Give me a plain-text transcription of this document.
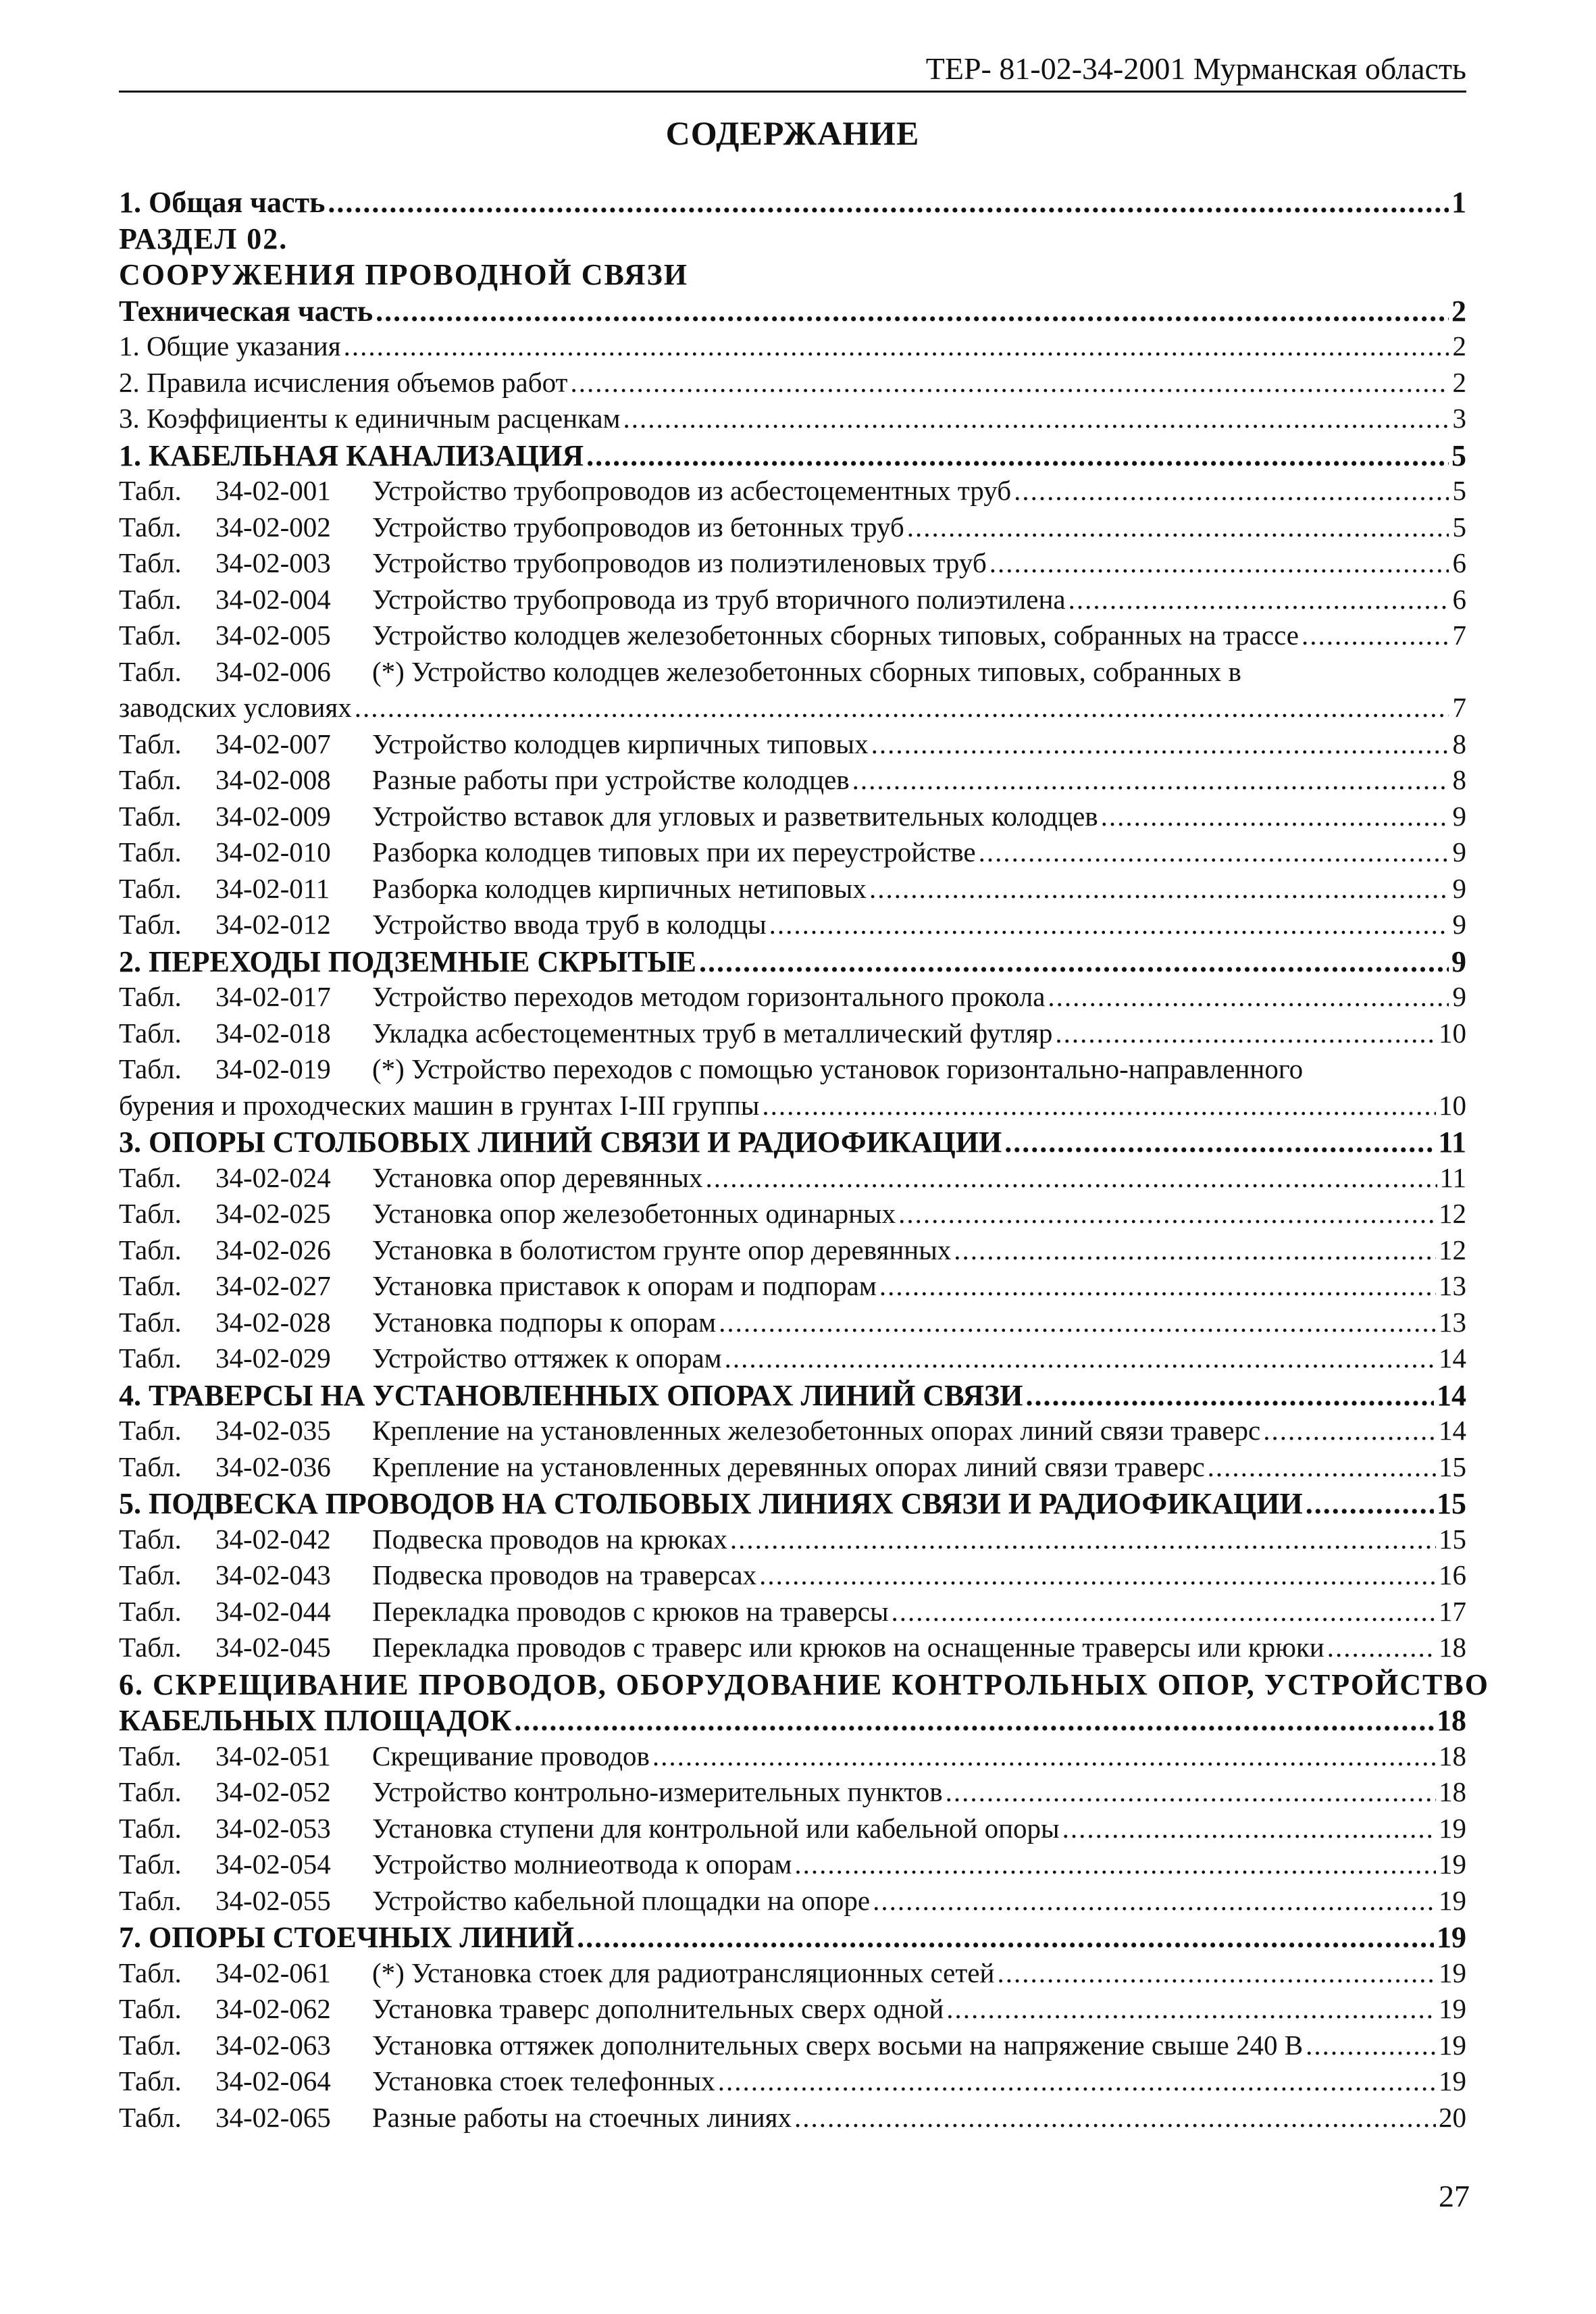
ТЕР- 81-02-34-2001 Мурманская область
СОДЕРЖАНИЕ
1. Общая часть .....	1
РАЗДЕЛ 02.
СООРУЖЕНИЯ ПРОВОДНОЙ СВЯЗИ
Техническая часть .....	2
1. Общие указания .....	2
2. Правила исчисления объемов работ .....	2
3. Коэффициенты к единичным расценкам .....	3
1. КАБЕЛЬНАЯ КАНАЛИЗАЦИЯ .....	5
Табл. 34-02-001	Устройство трубопроводов из асбестоцементных труб .....	5
Табл. 34-02-002	Устройство трубопроводов из бетонных труб .....	5
Табл. 34-02-003	Устройство трубопроводов из полиэтиленовых труб .....	6
Табл. 34-02-004	Устройство трубопровода из труб вторичного полиэтилена .....	6
Табл. 34-02-005	Устройство колодцев железобетонных сборных типовых, собранных на трассе .....	7
Табл. 34-02-006 (*) Устройство колодцев железобетонных сборных типовых, собранных в
заводских условиях .....	7
Табл. 34-02-007	Устройство колодцев кирпичных типовых .....	8
Табл. 34-02-008	Разные работы при устройстве колодцев .....	8
Табл. 34-02-009	Устройство вставок для угловых и разветвительных колодцев .....	9
Табл. 34-02-010	Разборка колодцев типовых при их переустройстве .....	9
Табл. 34-02-011	Разборка колодцев кирпичных нетиповых .....	9
Табл. 34-02-012	Устройство ввода труб в колодцы .....	9
2. ПЕРЕХОДЫ ПОДЗЕМНЫЕ СКРЫТЫЕ .....	9
Табл. 34-02-017	Устройство переходов методом горизонтального прокола .....	9
Табл. 34-02-018	Укладка асбестоцементных труб в металлический футляр .....	10
Табл. 34-02-019 (*) Устройство переходов с помощью установок горизонтально-направленного
бурения и проходческих машин в грунтах I-III группы .....	10
3. ОПОРЫ СТОЛБОВЫХ ЛИНИЙ СВЯЗИ И РАДИОФИКАЦИИ .....	11
Табл. 34-02-024	Установка опор деревянных .....	11
Табл. 34-02-025	Установка опор железобетонных одинарных .....	12
Табл. 34-02-026	Установка в болотистом грунте опор деревянных .....	12
Табл. 34-02-027	Установка приставок к опорам и подпорам .....	13
Табл. 34-02-028	Установка подпоры к опорам .....	13
Табл. 34-02-029	Устройство оттяжек к опорам .....	14
4. ТРАВЕРСЫ НА УСТАНОВЛЕННЫХ ОПОРАХ ЛИНИЙ СВЯЗИ .....	14
Табл. 34-02-035	Крепление на установленных железобетонных опорах линий связи траверс .....	14
Табл. 34-02-036	Крепление на установленных деревянных опорах линий связи траверс .....	15
5. ПОДВЕСКА ПРОВОДОВ НА СТОЛБОВЫХ ЛИНИЯХ СВЯЗИ И РАДИОФИКАЦИИ .....	15
Табл. 34-02-042	Подвеска проводов на крюках .....	15
Табл. 34-02-043	Подвеска проводов на траверсах .....	16
Табл. 34-02-044	Перекладка проводов с крюков на траверсы .....	17
Табл. 34-02-045	Перекладка проводов с траверс или крюков на оснащенные траверсы или крюки .....	18
6. СКРЕЩИВАНИЕ ПРОВОДОВ, ОБОРУДОВАНИЕ КОНТРОЛЬНЫХ ОПОР, УСТРОЙСТВО
КАБЕЛЬНЫХ ПЛОЩАДОК .....	18
Табл. 34-02-051	Скрещивание проводов .....	18
Табл. 34-02-052	Устройство контрольно-измерительных пунктов .....	18
Табл. 34-02-053	Установка ступени для контрольной или кабельной опоры .....	19
Табл. 34-02-054	Устройство молниеотвода к опорам .....	19
Табл. 34-02-055	Устройство кабельной площадки на опоре .....	19
7. ОПОРЫ СТОЕЧНЫХ ЛИНИЙ .....	19
Табл. 34-02-061	(*) Установка стоек для радиотрансляционных сетей .....	19
Табл. 34-02-062	Установка траверс дополнительных сверх одной .....	19
Табл. 34-02-063	Установка оттяжек дополнительных сверх восьми на напряжение свыше 240 В .....	19
Табл. 34-02-064	Установка стоек телефонных .....	19
Табл. 34-02-065	Разные работы на стоечных линиях .....	20
27
